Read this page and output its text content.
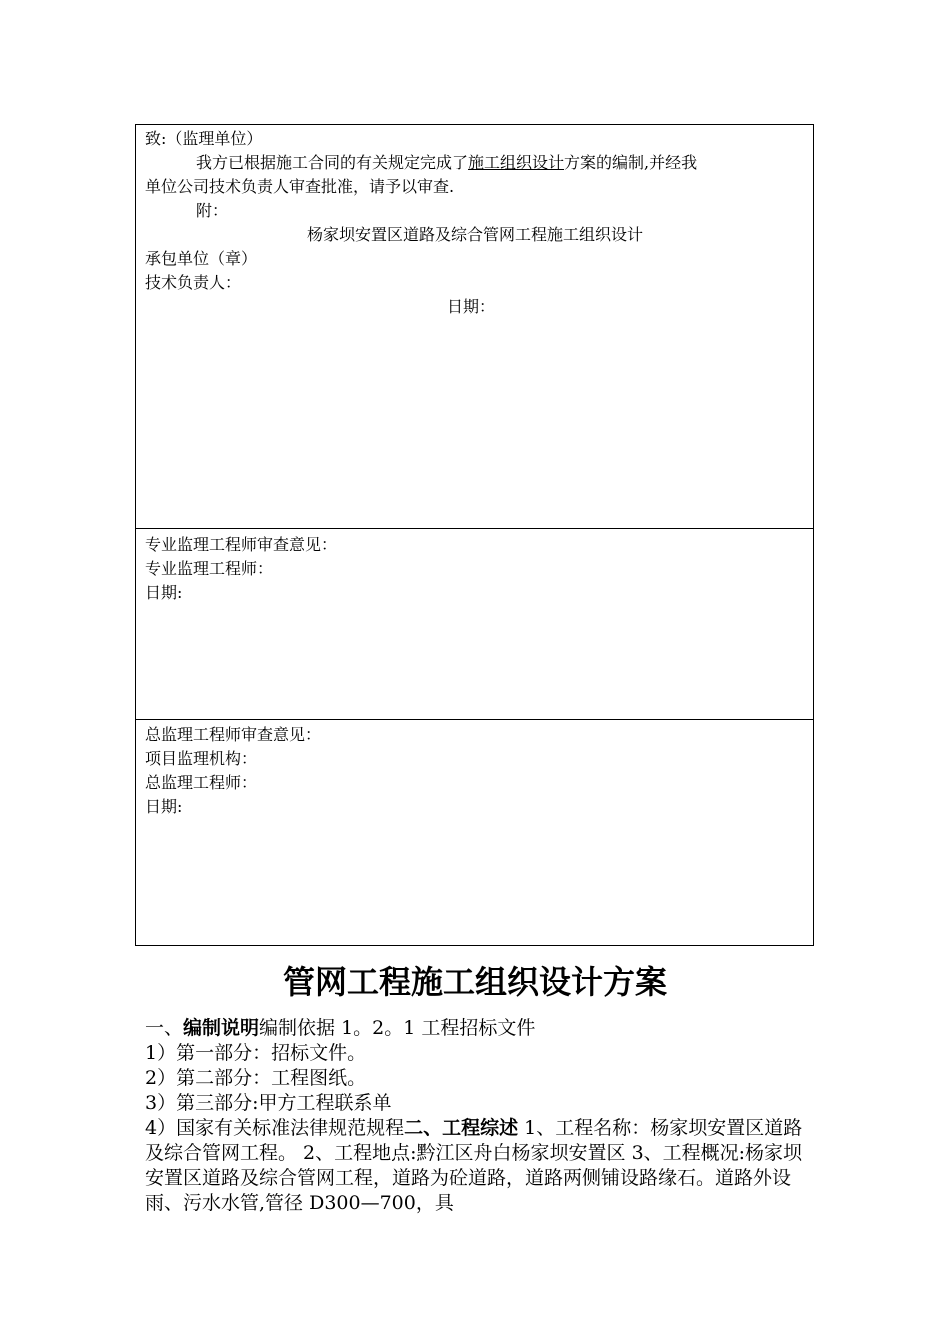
致:（监理单位）
我方已根据施工合同的有关规定完成了施工组织设计方案的编制,并经我
单位公司技术负责人审查批准，请予以审查.
附：
杨家坝安置区道路及综合管网工程施工组织设计
承包单位（章）
技术负责人：
日期：
专业监理工程师审查意见：
专业监理工程师：
日期:
总监理工程师审查意见：
项目监理机构：
总监理工程师：
日期:
管网工程施工组织设计方案

一、编制说明编制依据 1。2。1 工程招标文件

1）第一部分：招标文件。

2）第二部分：工程图纸。

3）第三部分:甲方工程联系单

4）国家有关标准法律规范规程二、工程综述 1、工程名称：杨家坝安置区道路及综合管网工程。 2、工程地点:黔江区舟白杨家坝安置区 3、工程概况:杨家坝安置区道路及综合管网工程，道路为砼道路，道路两侧铺设路缘石。道路外设雨、污水水管,管径 D300—700，具
